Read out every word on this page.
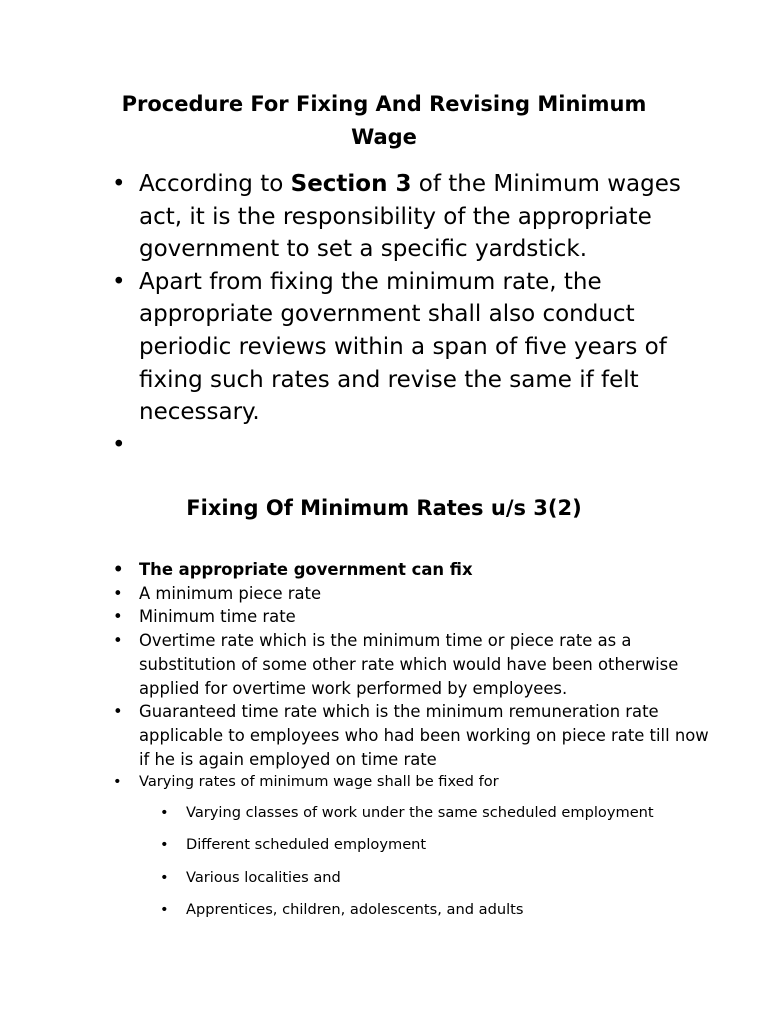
Procedure For Fixing And Revising Minimum Wage
• According to Section 3 of the Minimum wages act, it is the responsibility of the appropriate government to set a specific yardstick.
• Apart from fixing the minimum rate, the appropriate government shall also conduct periodic reviews within a span of five years of fixing such rates and revise the same if felt necessary.
•
Fixing Of Minimum Rates u/s 3(2)
• The appropriate government can fix
• A minimum piece rate
• Minimum time rate
• Overtime rate which is the minimum time or piece rate as a substitution of some other rate which would have been otherwise applied for overtime work performed by employees.
• Guaranteed time rate which is the minimum remuneration rate applicable to employees who had been working on piece rate till now if he is again employed on time rate
• Varying rates of minimum wage shall be fixed for
• Varying classes of work under the same scheduled employment
• Different scheduled employment
• Various localities and
• Apprentices, children, adolescents, and adults
